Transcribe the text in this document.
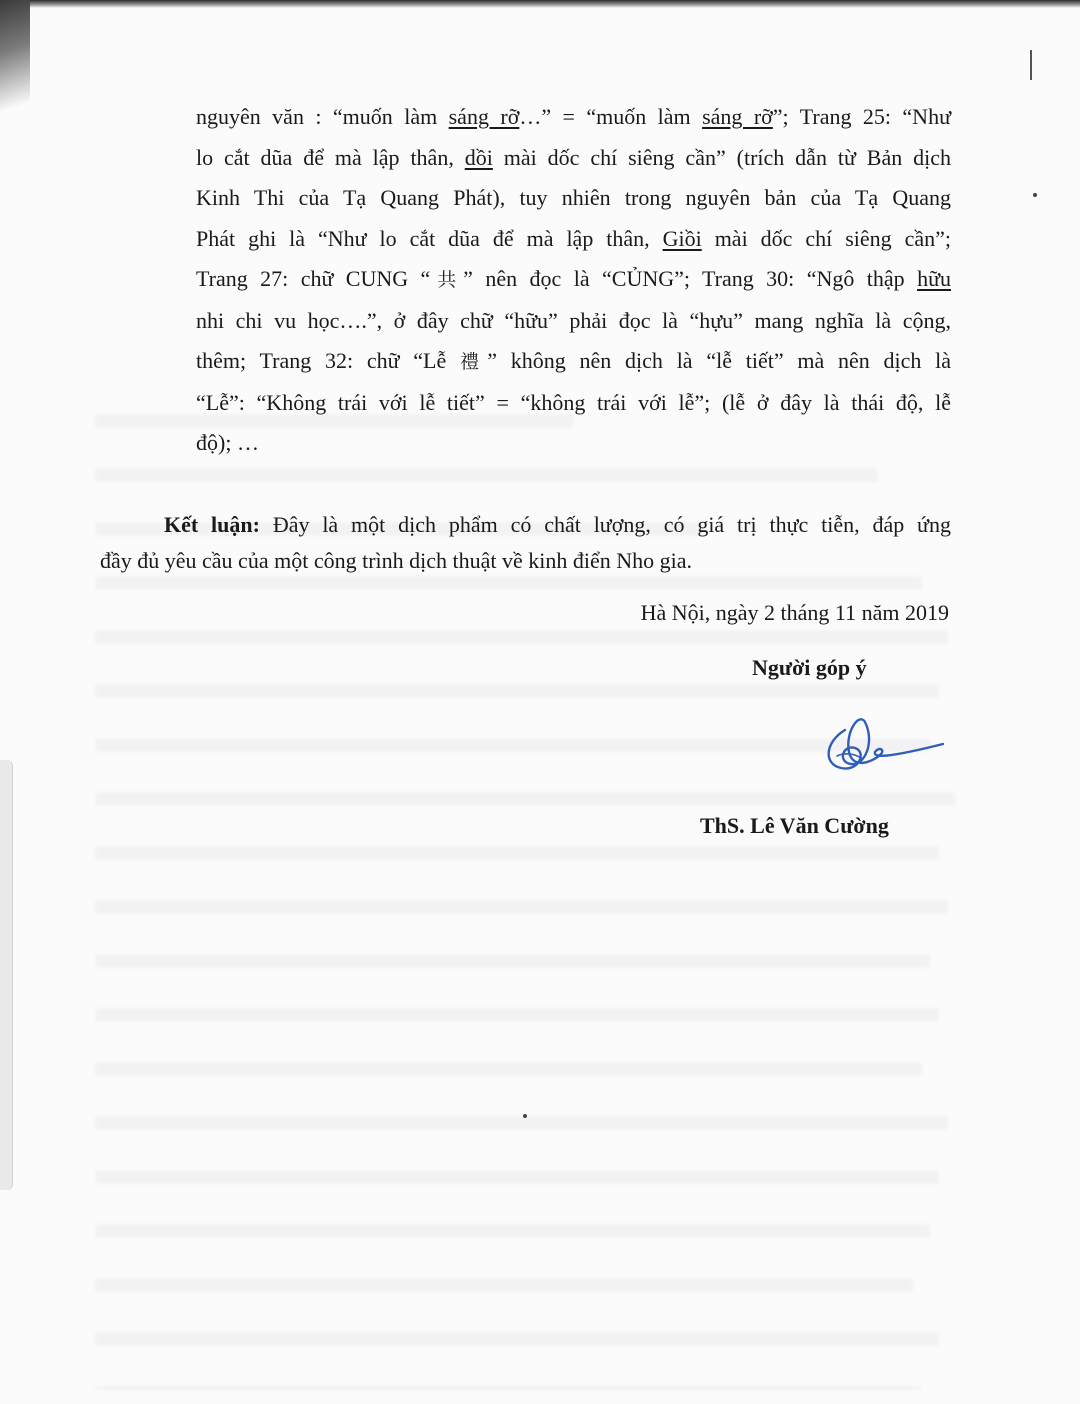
nguyên văn : “muốn làm sáng rỡ…” = “muốn làm sáng rỡ”; Trang 25: “Như
lo cắt dũa để mà lập thân, dồi mài dốc chí siêng cần” (trích dẫn từ Bản dịch
Kinh Thi của Tạ Quang Phát), tuy nhiên trong nguyên bản của Tạ Quang
Phát ghi là “Như lo cắt dũa để mà lập thân, Giồi mài dốc chí siêng cần”;
Trang 27: chữ CUNG “共” nên đọc là “CỦNG”; Trang 30: “Ngô thập hữu
nhi chi vu học….”, ở đây chữ “hữu” phải đọc là “hựu” mang nghĩa là cộng,
thêm; Trang 32: chữ “Lễ 禮” không nên dịch là “lễ tiết” mà nên dịch là
“Lễ”: “Không trái với lễ tiết” = “không trái với lễ”; (lễ ở đây là thái độ, lễ
độ); …
Kết luận: Đây là một dịch phẩm có chất lượng, có giá trị thực tiễn, đáp ứng
đầy đủ yêu cầu của một công trình dịch thuật về kinh điển Nho gia.
Hà Nội, ngày 2 tháng 11 năm 2019
Người góp ý
ThS. Lê Văn Cường
